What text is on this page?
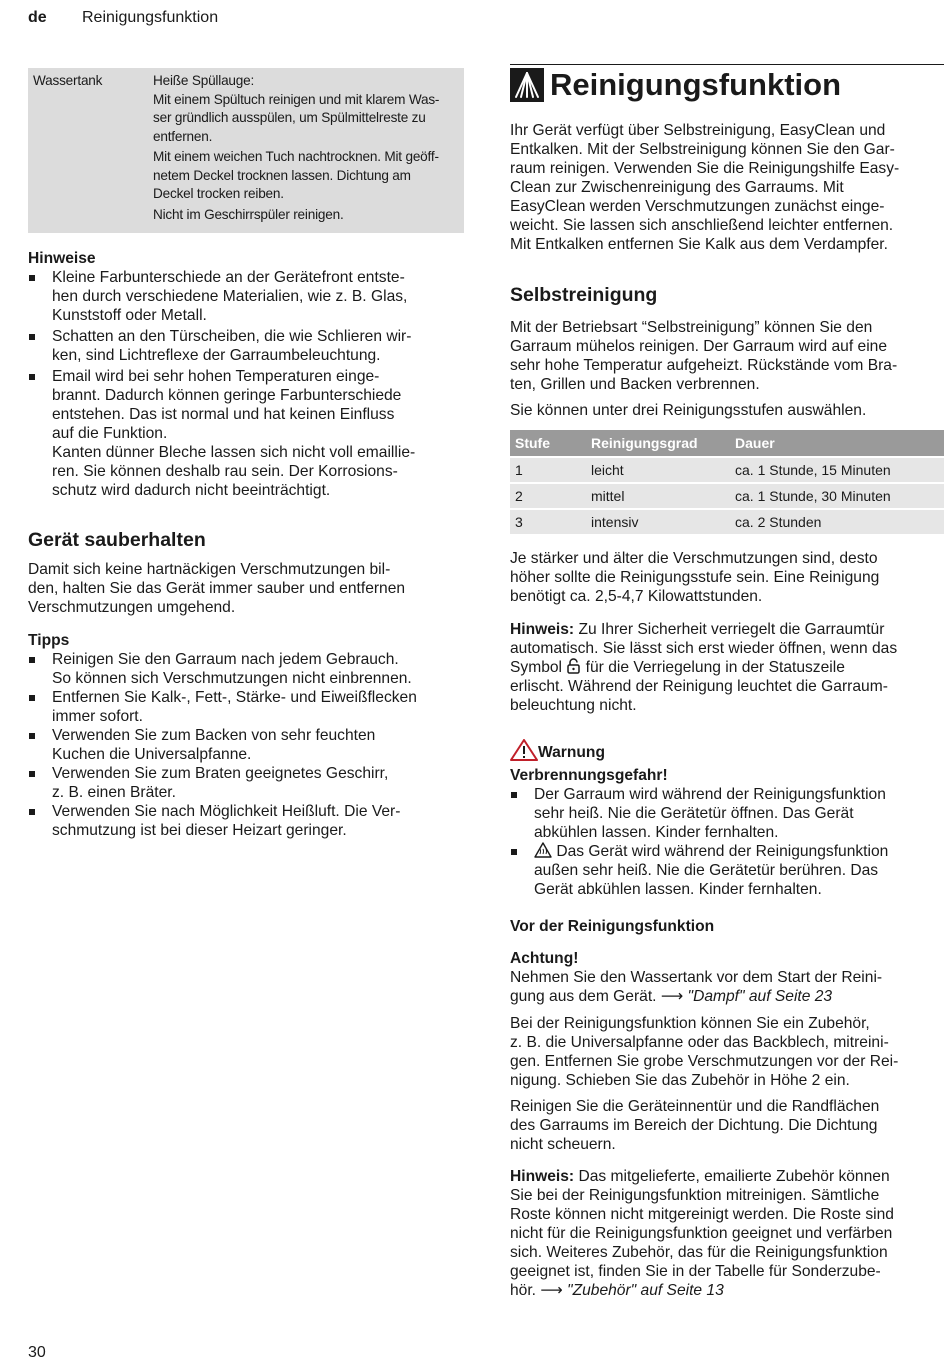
de Reinigungsfunktion
Wassertank	Heiße Spüllauge:
Mit einem Spültuch reinigen und mit klarem Was-
ser gründlich ausspülen, um Spülmittelreste zu
entfernen.
Mit einem weichen Tuch nachtrocknen. Mit geöff-
netem Deckel trocknen lassen. Dichtung am
Deckel trocken reiben.
Nicht im Geschirrspüler reinigen.
Hinweise
Kleine Farbunterschiede an der Gerätefront entste-
hen durch verschiedene Materialien, wie z. B. Glas,
Kunststoff oder Metall.
Schatten an den Türscheiben, die wie Schlieren wir-
ken, sind Lichtreflexe der Garraumbeleuchtung.
Email wird bei sehr hohen Temperaturen einge-
brannt. Dadurch können geringe Farbunterschiede
entstehen. Das ist normal und hat keinen Einfluss
auf die Funktion.
Kanten dünner Bleche lassen sich nicht voll emaillie-
ren. Sie können deshalb rau sein. Der Korrosions-
schutz wird dadurch nicht beeinträchtigt.
Gerät sauberhalten

Damit sich keine hartnäckigen Verschmutzungen bil-
den, halten Sie das Gerät immer sauber und entfernen
Verschmutzungen umgehend.

Tipps
Reinigen Sie den Garraum nach jedem Gebrauch.
So können sich Verschmutzungen nicht einbrennen.
Entfernen Sie Kalk-, Fett-, Stärke- und Eiweißflecken
immer sofort.
Verwenden Sie zum Backen von sehr feuchten
Kuchen die Universalpfanne.
Verwenden Sie zum Braten geeignetes Geschirr,
z. B. einen Bräter.
Verwenden Sie nach Möglichkeit Heißluft. Die Ver-
schmutzung ist bei dieser Heizart geringer.
Reinigungsfunktion

Ihr Gerät verfügt über Selbstreinigung, EasyClean und
Entkalken. Mit der Selbstreinigung können Sie den Gar-
raum reinigen. Verwenden Sie die Reinigungshilfe Easy-
Clean zur Zwischenreinigung des Garraums. Mit
EasyClean werden Verschmutzungen zunächst einge-
weicht. Sie lassen sich anschließend leichter entfernen.
Mit Entkalken entfernen Sie Kalk aus dem Verdampfer.

Selbstreinigung

Mit der Betriebsart “Selbstreinigung” können Sie den
Garraum mühelos reinigen. Der Garraum wird auf eine
sehr hohe Temperatur aufgeheizt. Rückstände vom Bra-
ten, Grillen und Backen verbrennen.

Sie können unter drei Reinigungsstufen auswählen.

Stufe	Reinigungsgrad	Dauer
1	leicht	ca. 1 Stunde, 15 Minuten
2	mittel	ca. 1 Stunde, 30 Minuten
3	intensiv	ca. 2 Stunden

Je stärker und älter die Verschmutzungen sind, desto
höher sollte die Reinigungsstufe sein. Eine Reinigung
benötigt ca. 2,5-4,7 Kilowattstunden.

Hinweis: Zu Ihrer Sicherheit verriegelt die Garraumtür
automatisch. Sie lässt sich erst wieder öffnen, wenn das
Symbol  für die Verriegelung in der Statuszeile
erlischt. Während der Reinigung leuchtet die Garraum-
beleuchtung nicht.

Warnung
Verbrennungsgefahr!
Der Garraum wird während der Reinigungsfunktion
sehr heiß. Nie die Gerätetür öffnen. Das Gerät
abkühlen lassen. Kinder fernhalten.
Das Gerät wird während der Reinigungsfunktion
außen sehr heiß. Nie die Gerätetür berühren. Das
Gerät abkühlen lassen. Kinder fernhalten.
Vor der Reinigungsfunktion
Achtung!

Nehmen Sie den Wassertank vor dem Start der Reini-
gung aus dem Gerät. ⟶ "Dampf" auf Seite 23

Bei der Reinigungsfunktion können Sie ein Zubehör,
z. B. die Universalpfanne oder das Backblech, mitreini-
gen. Entfernen Sie grobe Verschmutzungen vor der Rei-
nigung. Schieben Sie das Zubehör in Höhe 2 ein.

Reinigen Sie die Geräteinnentür und die Randflächen
des Garraums im Bereich der Dichtung. Die Dichtung
nicht scheuern.

Hinweis: Das mitgelieferte, emailierte Zubehör können
Sie bei der Reinigungsfunktion mitreinigen. Sämtliche
Roste können nicht mitgereinigt werden. Die Roste sind
nicht für die Reinigungsfunktion geeignet und verfärben
sich. Weiteres Zubehör, das für die Reinigungsfunktion
geeignet ist, finden Sie in der Tabelle für Sonderzube-
hör. ⟶ "Zubehör" auf Seite 13

30
